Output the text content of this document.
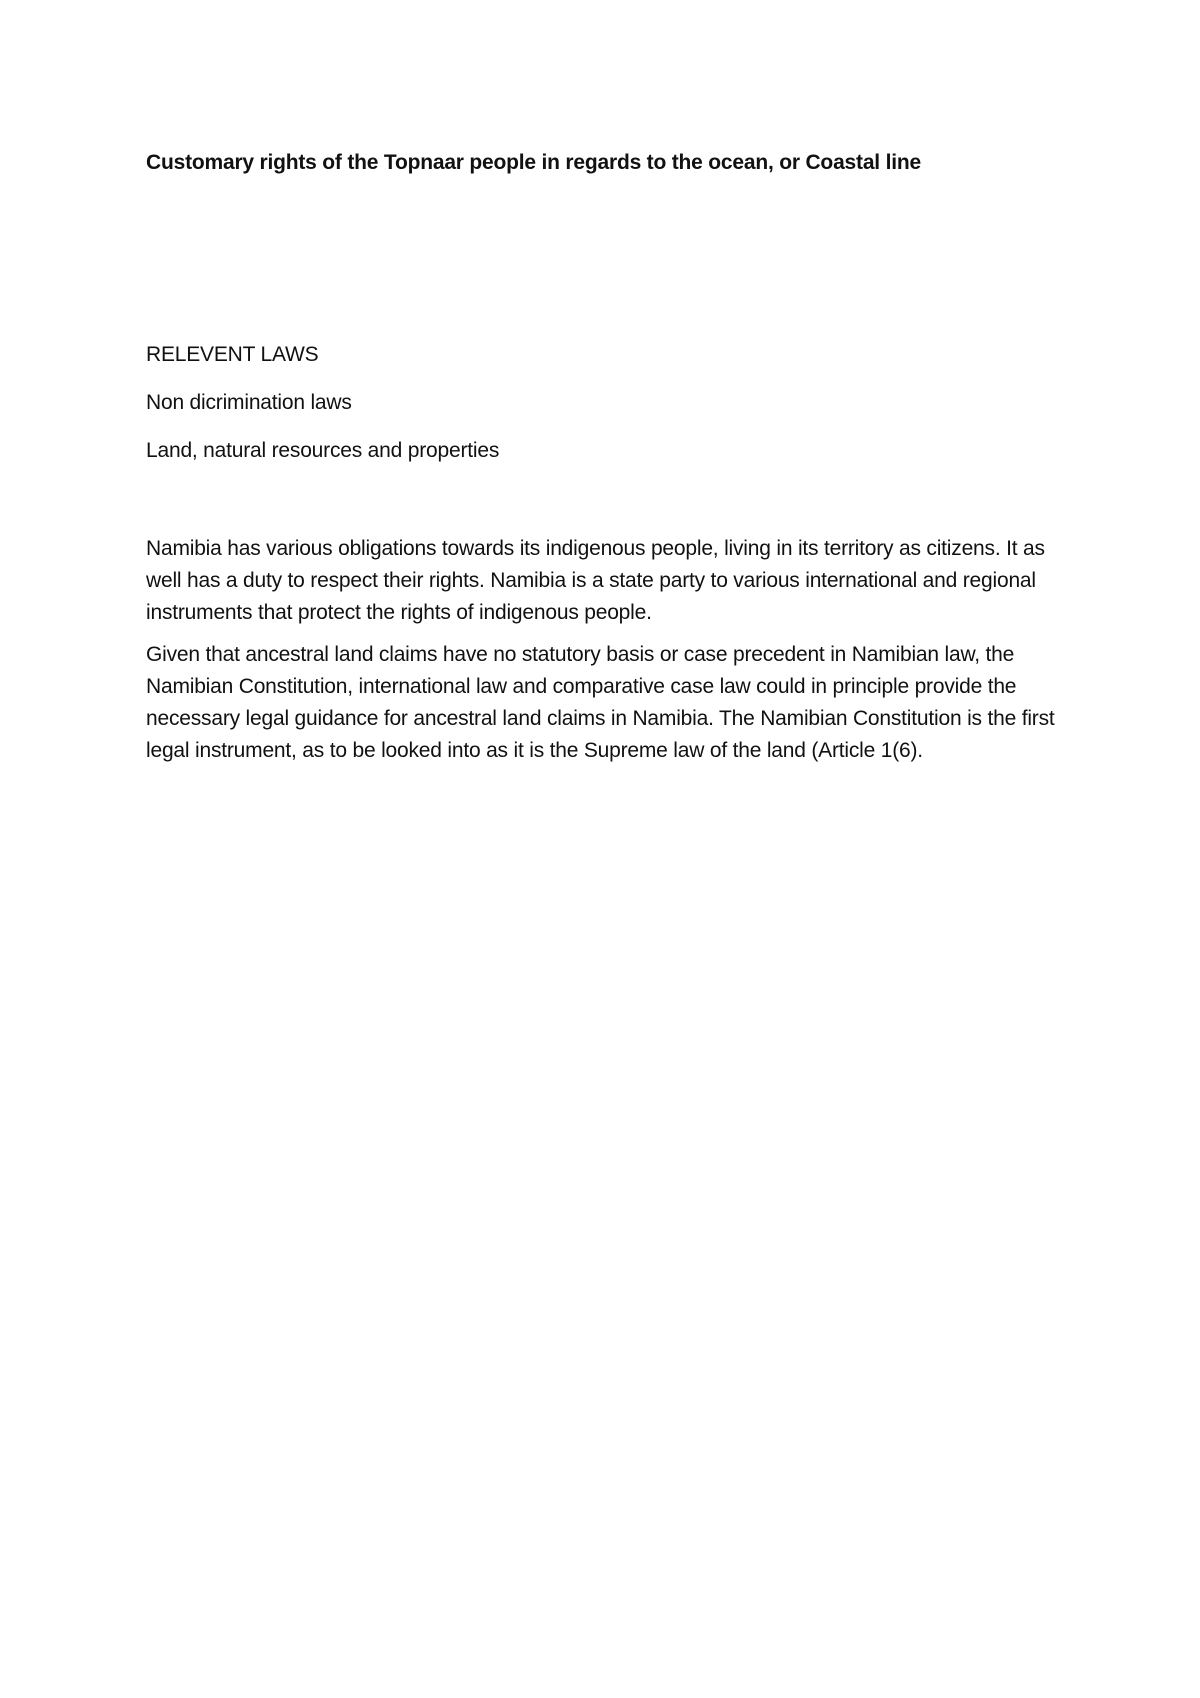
Customary rights of the Topnaar people in regards to the ocean, or Coastal line

RELEVENT LAWS

Non dicrimination laws

Land, natural resources and properties

Namibia has various obligations towards its indigenous people, living in its territory as citizens. It as well has a duty to respect their rights. Namibia is a state party to various international and regional instruments that protect the rights of indigenous people.

Given that ancestral land claims have no statutory basis or case precedent in Namibian law, the Namibian Constitution, international law and comparative case law could in principle provide the necessary legal guidance for ancestral land claims in Namibia. The Namibian Constitution is the first legal instrument, as to be looked into as it is the Supreme law of the land (Article 1(6).
